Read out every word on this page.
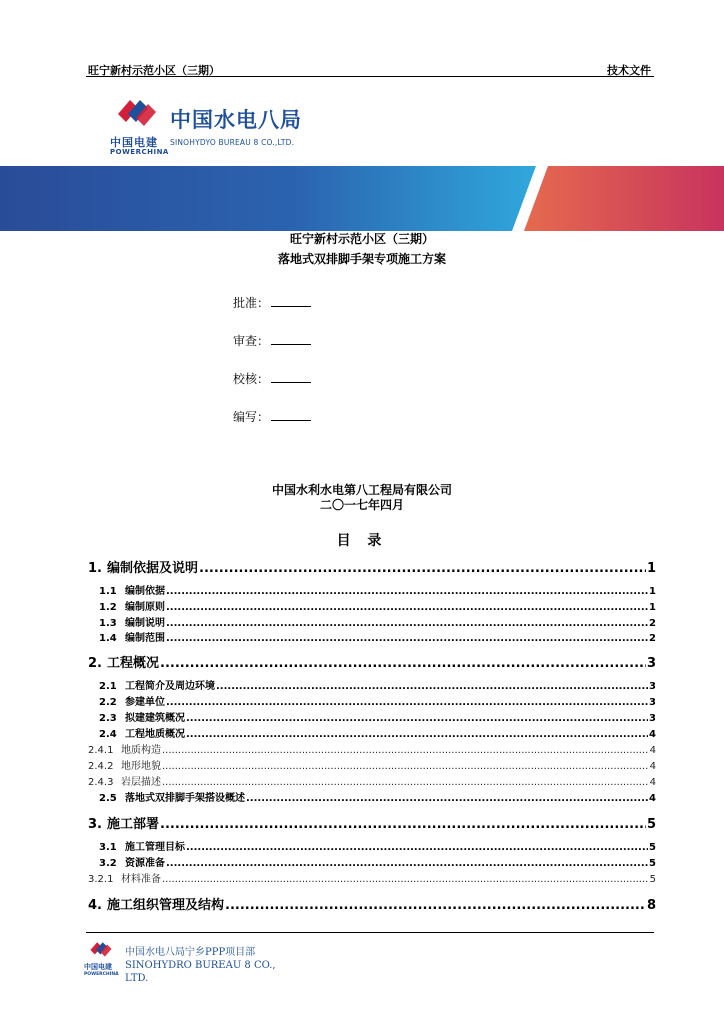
旺宁新村示范小区（三期）	技术文件
中国电建
POWERCHINA
中国水电八局
SINOHYDYO BUREAU 8 CO.,LTD.
旺宁新村示范小区（三期）
落地式双排脚手架专项施工方案
批准：
审查：
校核：
编写：
中国水利水电第八工程局有限公司
二〇一七年四月
目 录
1. 编制依据及说明 .....	1
1.1 编制依据 .....	1
1.2 编制原则 .....	1
1.3 编制说明 .....	2
1.4 编制范围 .....	2
2. 工程概况 .....	3
2.1 工程简介及周边环境 .....	3
2.2 参建单位 .....	3
2.3 拟建建筑概况 .....	3
2.4 工程地质概况 .....	4
2.4.1 地质构造 .....	4
2.4.2 地形地貌 .....	4
2.4.3 岩层描述 .....	4
2.5 落地式双排脚手架搭设概述 .....	4
3. 施工部署 .....	5
3.1 施工管理目标 .....	5
3.2 资源准备 .....	5
3.2.1 材料准备 .....	5
4. 施工组织管理及结构 .....	8
中国电建
POWERCHINA
中国水电八局宁乡PPP项目部 SINOHYDRO BUREAU 8 CO., LTD.
